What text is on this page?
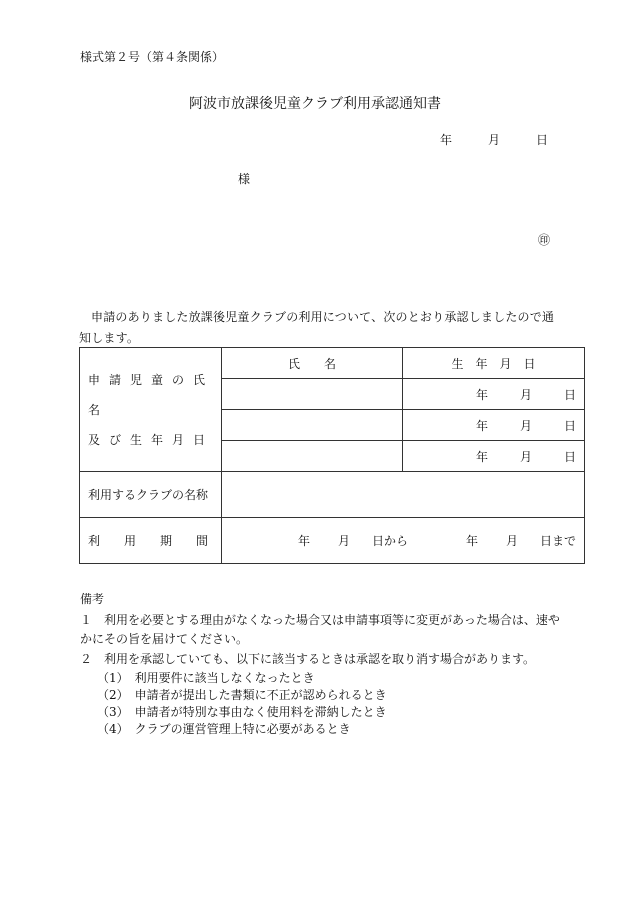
様式第２号（第４条関係）
阿波市放課後児童クラブ利用承認通知書
年	月	日
様
㊞
申請のありました放課後児童クラブの利用について、次のとおり承認しましたので通知します。
申請児童の氏名
及び生年月日	氏　　名	生　年　月　日
		年 月 日
		年 月 日
		年 月 日
利用するクラブの名称		
利　　用　　期　　間	年 月 日から 年 月 日まで	
備考
１　利用を必要とする理由がなくなった場合又は申請事項等に変更があった場合は、速やかにその旨を届けてください。
２　利用を承認していても、以下に該当するときは承認を取り消す場合があります。
（1）　利用要件に該当しなくなったとき
（2）　申請者が提出した書類に不正が認められるとき
（3）　申請者が特別な事由なく使用料を滞納したとき
（4）　クラブの運営管理上特に必要があるとき
